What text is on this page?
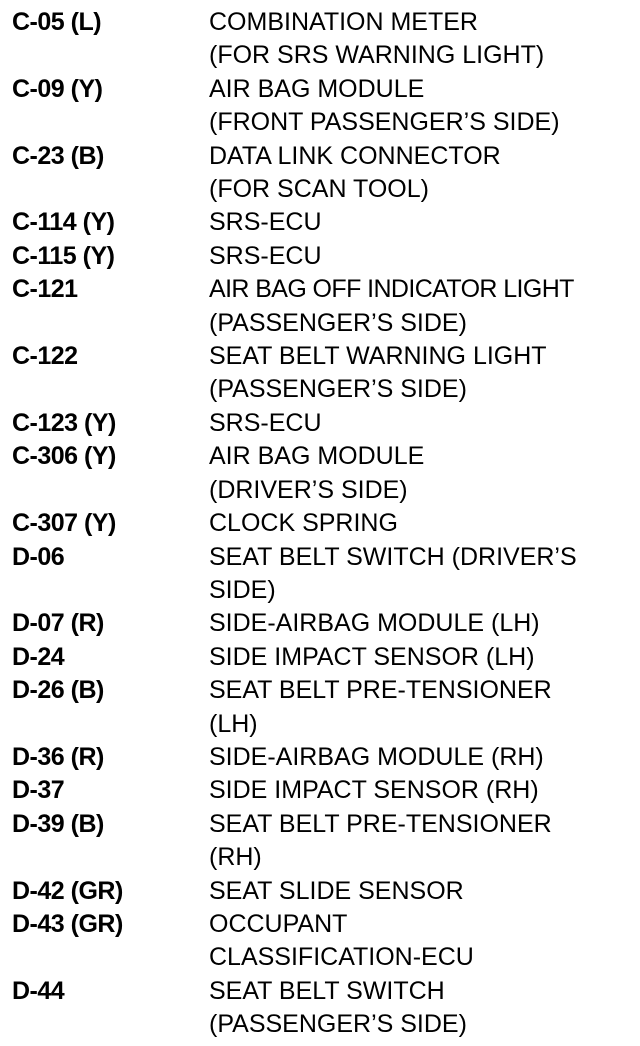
C-05 (L)	COMBINATION METER
(FOR SRS WARNING LIGHT)
C-09 (Y)	AIR BAG MODULE
(FRONT PASSENGER’S SIDE)
C-23 (B)	DATA LINK CONNECTOR
(FOR SCAN TOOL)
C-114 (Y)	SRS-ECU
C-115 (Y)	SRS-ECU
C-121	AIR BAG OFF INDICATOR LIGHT
(PASSENGER’S SIDE)
C-122	SEAT BELT WARNING LIGHT
(PASSENGER’S SIDE)
C-123 (Y)	SRS-ECU
C-306 (Y)	AIR BAG MODULE
(DRIVER’S SIDE)
C-307 (Y)	CLOCK SPRING
D-06	SEAT BELT SWITCH (DRIVER’S
SIDE)
D-07 (R)	SIDE-AIRBAG MODULE (LH)
D-24	SIDE IMPACT SENSOR (LH)
D-26 (B)	SEAT BELT PRE-TENSIONER
(LH)
D-36 (R)	SIDE-AIRBAG MODULE (RH)
D-37	SIDE IMPACT SENSOR (RH)
D-39 (B)	SEAT BELT PRE-TENSIONER
(RH)
D-42 (GR)	SEAT SLIDE SENSOR
D-43 (GR)	OCCUPANT
CLASSIFICATION-ECU
D-44	SEAT BELT SWITCH
(PASSENGER’S SIDE)
